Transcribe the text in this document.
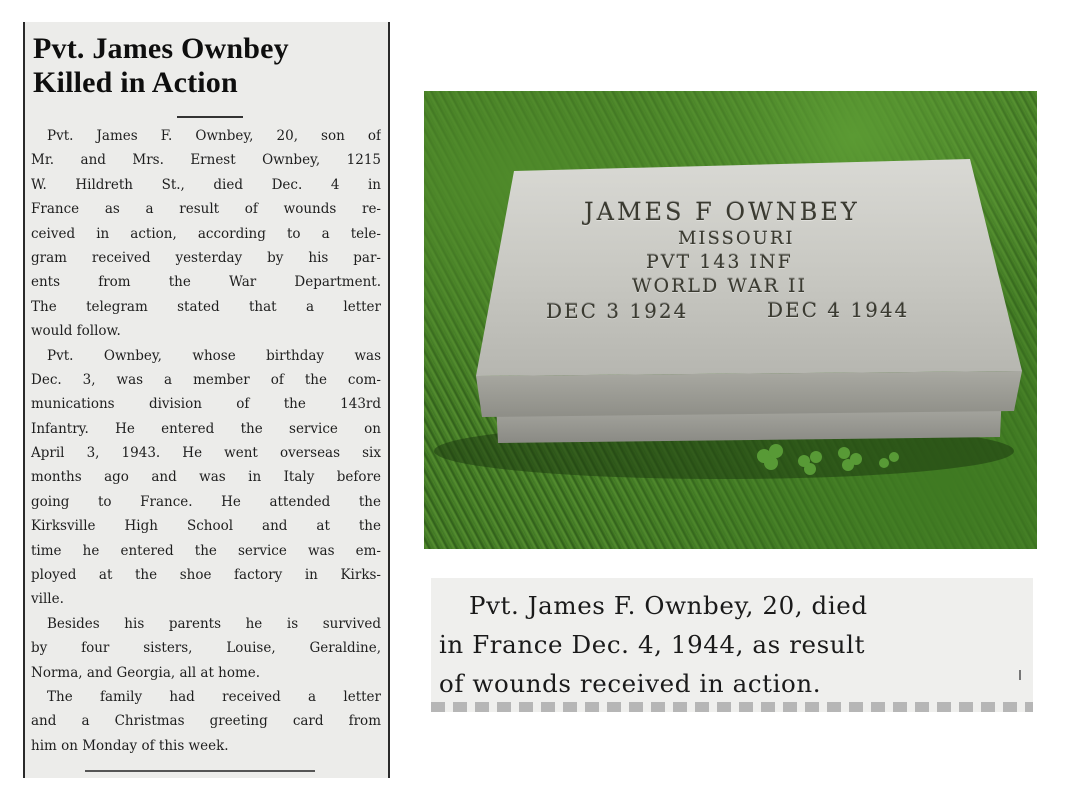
Pvt. James Ownbey
Killed in Action
Pvt. James F. Ownbey, 20, son of
Mr. and Mrs. Ernest Ownbey, 1215
W. Hildreth St., died Dec. 4 in
France as a result of wounds re-
ceived in action, according to a tele-
gram received yesterday by his par-
ents from the War Department.
The telegram stated that a letter
would follow.
Pvt. Ownbey, whose birthday was
Dec. 3, was a member of the com-
munications division of the 143rd
Infantry. He entered the service on
April 3, 1943. He went overseas six
months ago and was in Italy before
going to France. He attended the
Kirksville High School and at the
time he entered the service was em-
ployed at the shoe factory in Kirks-
ville.
Besides his parents he is survived
by four sisters, Louise, Geraldine,
Norma, and Georgia, all at home.
The family had received a letter
and a Christmas greeting card from
him on Monday of this week.
JAMES F OWNBEY
MISSOURI
PVT 143 INF
WORLD WAR II
DEC 3 1924	DEC 4 1944
Pvt. James F. Ownbey, 20, died
in France Dec. 4, 1944, as result
of wounds received in action.
